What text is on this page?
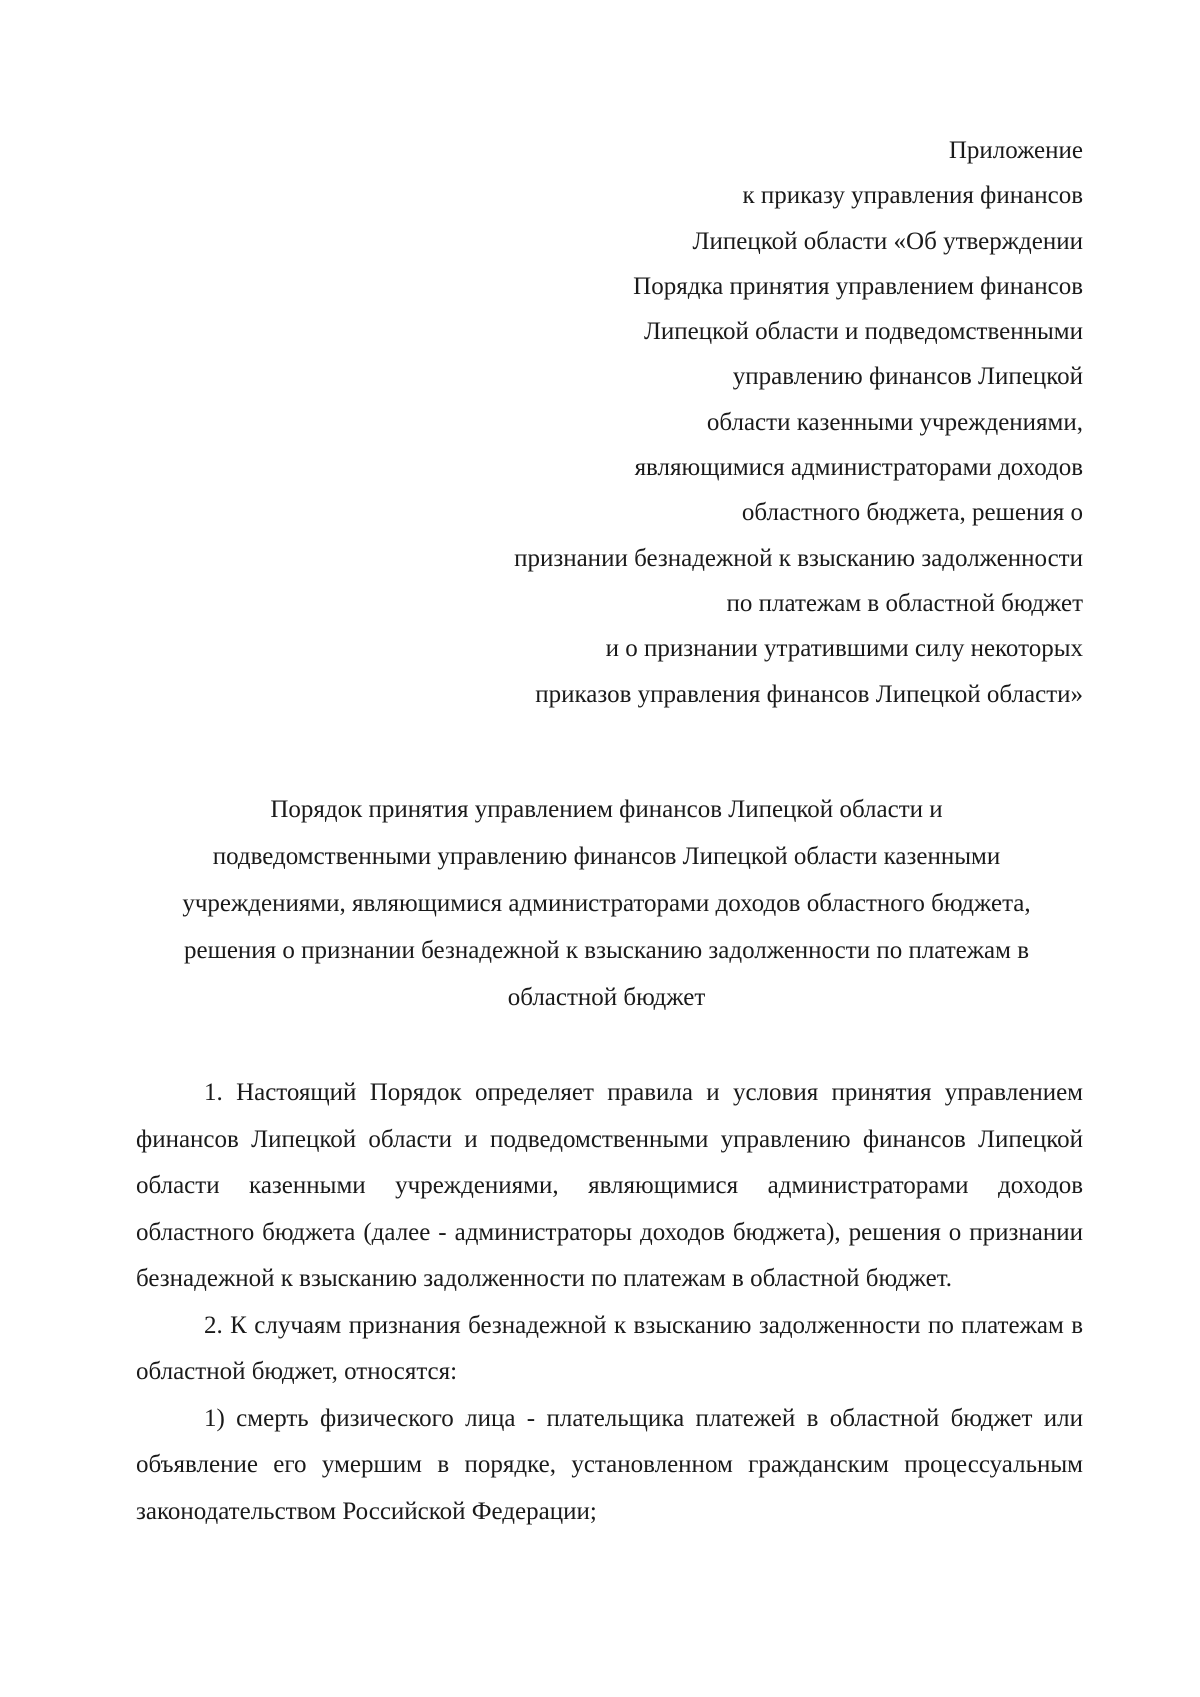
Приложение
к приказу управления финансов
Липецкой области «Об утверждении
Порядка принятия управлением финансов
Липецкой области и подведомственными
управлению финансов Липецкой
области казенными учреждениями,
являющимися администраторами доходов
областного бюджета, решения о
признании безнадежной к взысканию задолженности
по платежам в областной бюджет
и о признании утратившими силу некоторых
приказов управления финансов Липецкой области»
Порядок принятия управлением финансов Липецкой области и
подведомственными управлению финансов Липецкой области казенными
учреждениями, являющимися администраторами доходов областного бюджета,
решения о признании безнадежной к взысканию задолженности по платежам в
областной бюджет

1. Настоящий Порядок определяет правила и условия принятия управлением финансов Липецкой области и подведомственными управлению финансов Липецкой области казенными учреждениями, являющимися администраторами доходов областного бюджета (далее - администраторы доходов бюджета), решения о признании безнадежной к взысканию задолженности по платежам в областной бюджет.

2. К случаям признания безнадежной к взысканию задолженности по платежам в областной бюджет, относятся:

1) смерть физического лица - плательщика платежей в областной бюджет или объявление его умершим в порядке, установленном гражданским процессуальным законодательством Российской Федерации;
